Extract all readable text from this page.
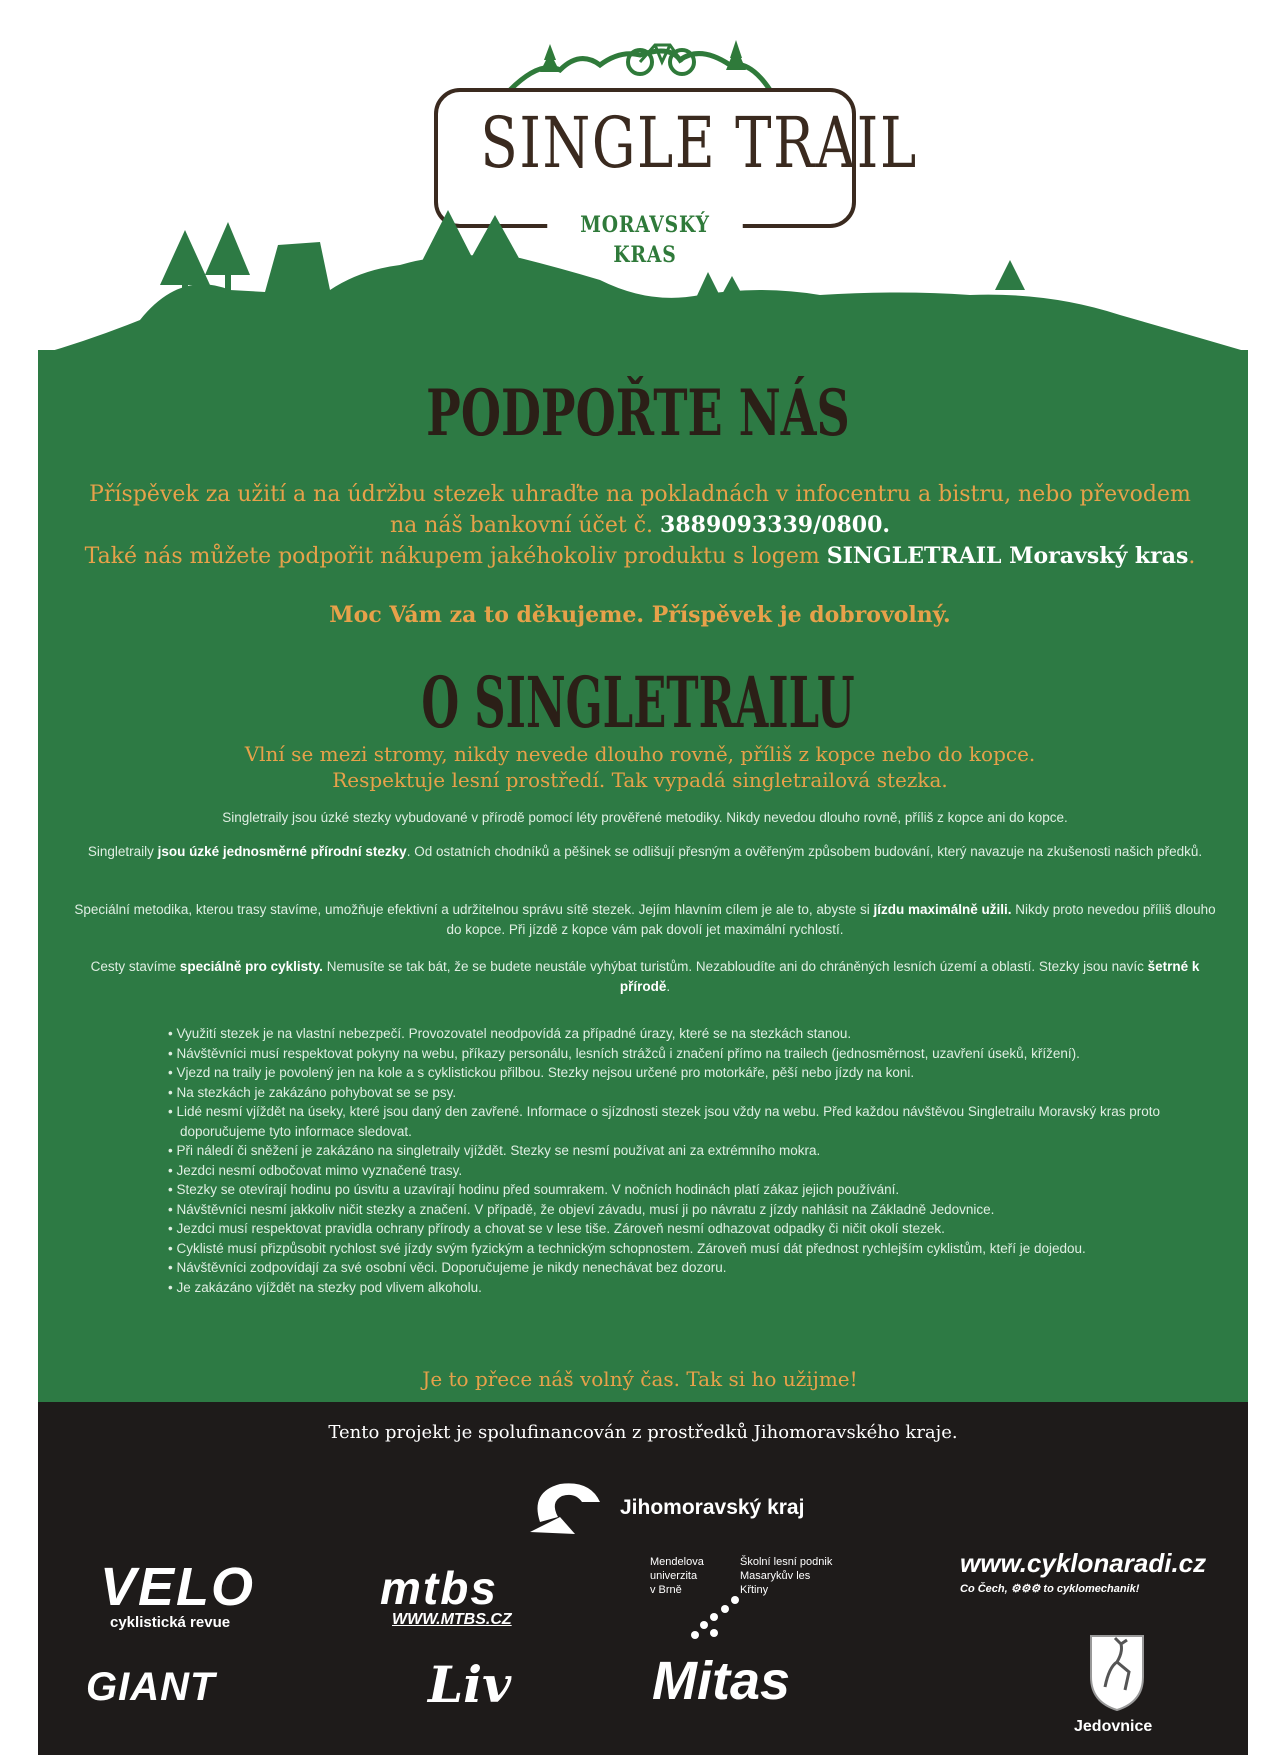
SINGLE TRAIL
MORAVSKÝ KRAS
PODPOŘTE NÁS
Příspěvek za užití a na údržbu stezek uhraďte na pokladnách v infocentru a bistru, nebo převodem
na náš bankovní účet č. 3889093339/0800.
Také nás můžete podpořit nákupem jakéhokoliv produktu s logem SINGLETRAIL Moravský kras.
Moc Vám za to děkujeme. Příspěvek je dobrovolný.
O SINGLETRAILU
Vlní se mezi stromy, nikdy nevede dlouho rovně, příliš z kopce nebo do kopce.
Respektuje lesní prostředí. Tak vypadá singletrailová stezka.
Singletraily jsou úzké stezky vybudované v přírodě pomocí léty prověřené metodiky. Nikdy nevedou dlouho rovně, příliš z kopce ani do kopce.
Singletraily jsou úzké jednosměrné přírodní stezky. Od ostatních chodníků a pěšinek se odlišují přesným a ověřeným způsobem budování, který navazuje na zkušenosti našich předků.
Speciální metodika, kterou trasy stavíme, umožňuje efektivní a udržitelnou správu sítě stezek. Jejím hlavním cílem je ale to, abyste si jízdu maximálně užili. Nikdy proto nevedou příliš dlouho do kopce. Při jízdě z kopce vám pak dovolí jet maximální rychlostí.
Cesty stavíme speciálně pro cyklisty. Nemusíte se tak bát, že se budete neustále vyhýbat turistům. Nezabloudíte ani do chráněných lesních území a oblastí. Stezky jsou navíc šetrné k přírodě.
• Využití stezek je na vlastní nebezpečí. Provozovatel neodpovídá za případné úrazy, které se na stezkách stanou.
• Návštěvníci musí respektovat pokyny na webu, příkazy personálu, lesních strážců i značení přímo na trailech (jednosměrnost, uzavření úseků, křížení).
• Vjezd na traily je povolený jen na kole a s cyklistickou přilbou. Stezky nejsou určené pro motorkáře, pěší nebo jízdy na koni.
• Na stezkách je zakázáno pohybovat se se psy.
• Lidé nesmí vjíždět na úseky, které jsou daný den zavřené. Informace o sjízdnosti stezek jsou vždy na webu. Před každou návštěvou Singletrailu Moravský kras proto doporučujeme tyto informace sledovat.
• Při náledí či sněžení je zakázáno na singletraily vjíždět. Stezky se nesmí používat ani za extrémního mokra.
• Jezdci nesmí odbočovat mimo vyznačené trasy.
• Stezky se otevírají hodinu po úsvitu a uzavírají hodinu před soumrakem. V nočních hodinách platí zákaz jejich používání.
• Návštěvníci nesmí jakkoliv ničit stezky a značení. V případě, že objeví závadu, musí ji po návratu z jízdy nahlásit na Základně Jedovnice.
• Jezdci musí respektovat pravidla ochrany přírody a chovat se v lese tiše. Zároveň nesmí odhazovat odpadky či ničit okolí stezek.
• Cyklisté musí přizpůsobit rychlost své jízdy svým fyzickým a technickým schopnostem. Zároveň musí dát přednost rychlejším cyklistům, kteří je dojedou.
• Návštěvníci zodpovídají za své osobní věci. Doporučujeme je nikdy nenechávat bez dozoru.
• Je zakázáno vjíždět na stezky pod vlivem alkoholu.
Je to přece náš volný čas. Tak si ho užijme!
Tento projekt je spolufinancován z prostředků Jihomoravského kraje.
Jihomoravský kraj
VELO
cyklistická revue
mtbs
WWW.MTBS.CZ
Mendelova
univerzita
v Brně
Školní lesní podnik
Masarykův les
Křtiny
www.cyklonaradi.cz
Co Čech, ⚙⚙⚙ to cyklomechanik!
GIANT	Liv	Mitas
Jedovnice
